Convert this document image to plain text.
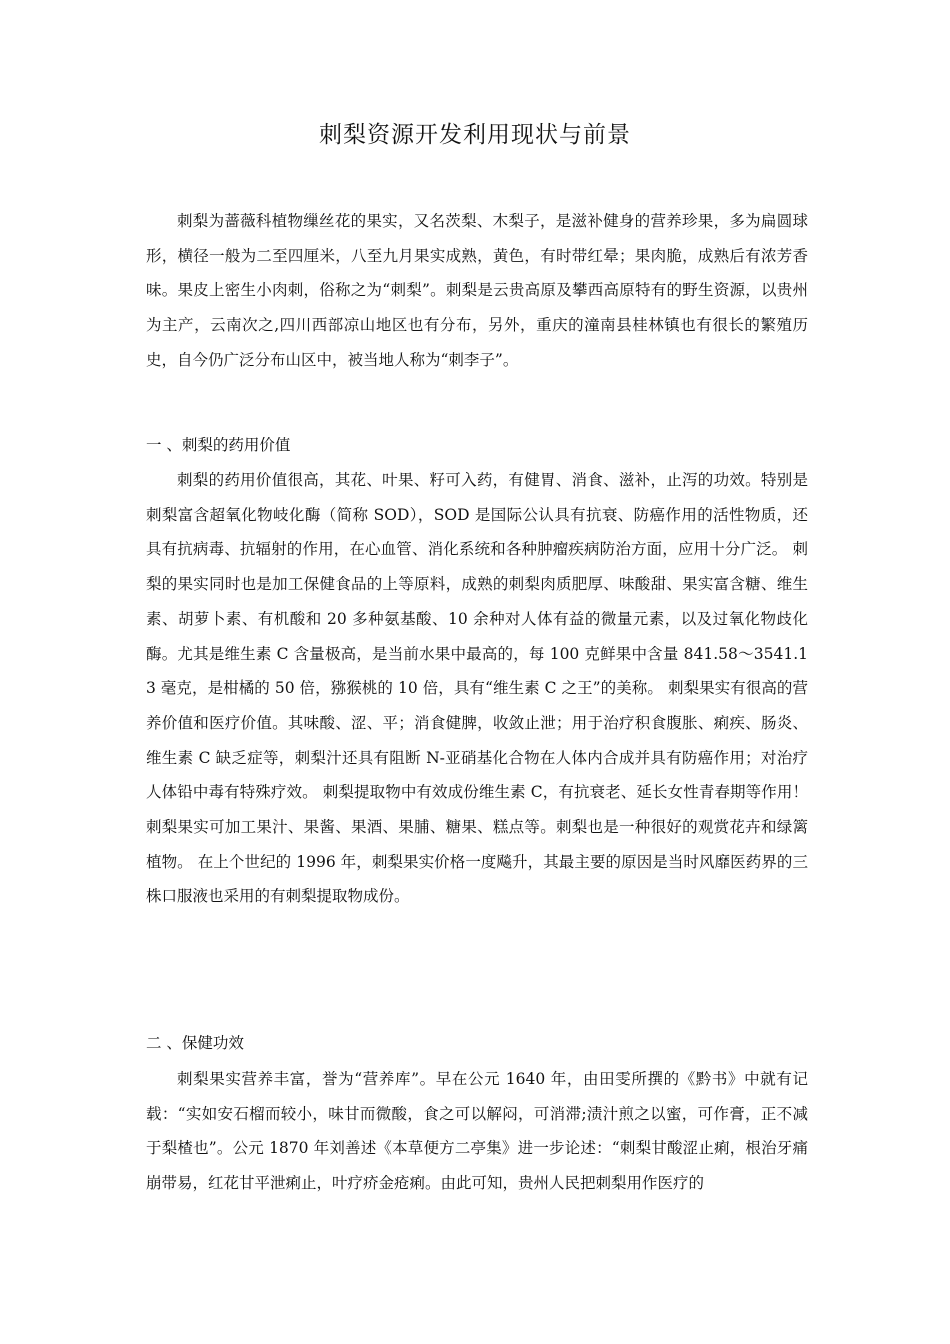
刺梨资源开发利用现状与前景

刺梨为蔷薇科植物缫丝花的果实，又名茨梨、木梨子，是滋补健身的营养珍果，多为扁圆球形，横径一般为二至四厘米，八至九月果实成熟，黄色，有时带红晕；果肉脆，成熟后有浓芳香味。果皮上密生小肉刺，俗称之为“刺梨”。刺梨是云贵高原及攀西高原特有的野生资源，以贵州为主产，云南次之,四川西部凉山地区也有分布，另外，重庆的潼南县桂林镇也有很长的繁殖历史，自今仍广泛分布山区中，被当地人称为“刺李子”。

一 、刺梨的药用价值

刺梨的药用价值很高，其花、叶果、籽可入药，有健胃、消食、滋补，止泻的功效。特别是刺梨富含超氧化物岐化酶（简称 SOD），SOD 是国际公认具有抗衰、防癌作用的活性物质，还具有抗病毒、抗辐射的作用，在心血管、消化系统和各种肿瘤疾病防治方面，应用十分广泛。 刺梨的果实同时也是加工保健食品的上等原料，成熟的刺梨肉质肥厚、味酸甜、果实富含糖、维生素、胡萝卜素、有机酸和 20 多种氨基酸、10 余种对人体有益的微量元素，以及过氧化物歧化酶。尤其是维生素 C 含量极高，是当前水果中最高的，每 100 克鲜果中含量 841.58～3541.13 毫克，是柑橘的 50 倍，猕猴桃的 10 倍，具有“维生素 C 之王”的美称。 刺梨果实有很高的营养价值和医疗价值。其味酸、涩、平；消食健脾，收敛止泄；用于治疗积食腹胀、痢疾、肠炎、维生素 C 缺乏症等，刺梨汁还具有阻断 N-亚硝基化合物在人体内合成并具有防癌作用；对治疗人体铅中毒有特殊疗效。 刺梨提取物中有效成份维生素 C，有抗衰老、延长女性青春期等作用！ 刺梨果实可加工果汁、果酱、果酒、果脯、糖果、糕点等。刺梨也是一种很好的观赏花卉和绿篱植物。 在上个世纪的 1996 年，刺梨果实价格一度飚升，其最主要的原因是当时风靡医药界的三株口服液也采用的有刺梨提取物成份。

二 、保健功效

刺梨果实营养丰富，誉为“营养库”。早在公元 1640 年，由田雯所撰的《黔书》中就有记载：“实如安石榴而较小，味甘而微酸，食之可以解闷，可消滞;渍汁煎之以蜜，可作膏，正不减于梨楂也”。公元 1870 年刘善述《本草便方二亭集》进一步论述：“刺梨甘酸涩止痢，根治牙痛崩带易，红花甘平泄痢止，叶疗疥金疮痢。由此可知，贵州人民把刺梨用作医疗的
